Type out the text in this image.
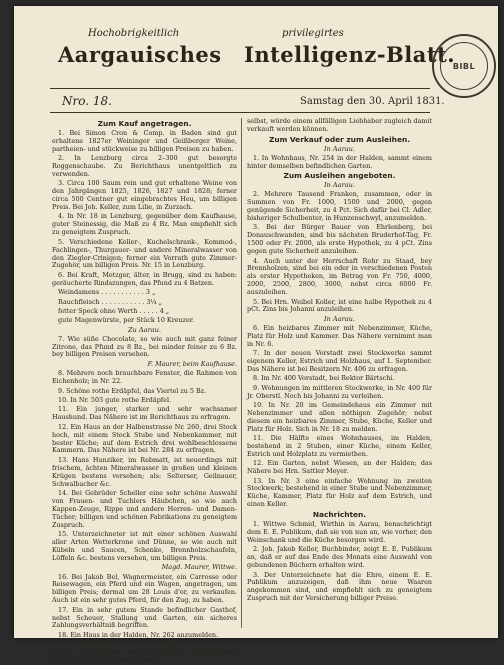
Hochobrigkeitlich	privilegirtes
Aargauisches Intelligenz-Blatt.
Nro. 18.	Samstag den 30. April 1831.
BIBL
Zum Kauf angetragen.
1. Bei Simon Cron & Comp. in Baden sind gut erhaltene 1827er Weininger und Geißberger Weine, partheien- und stückweise zu billigen Preisen zu haben.
2. In Lenzburg circa 2–300 gut besorgte Roggenschaube. Zu Berichthaus unentgeltlich zu verwenden.
3. Circa 100 Saum rein und gut erhaltene Weine von den Jahrgängen 1825, 1826, 1827 und 1828; ferner circa 500 Centner gut eingebrachtes Heu, um billigen Preis. Bei Joh. Keller, zum Lilie, in Zurzach.
4. In Nr. 18 in Lenzburg, gegenüber dem Kaufhause, guter Steinessig, die Maß zu 4 Bz. Man empfiehlt sich zu geneigtem Zuspruch.
5. Verschiedene Keller-, Kuchelschrank-, Kommod-, Fachlingen-, Thurgauer- und andere Mineralwasser von den Ziegler-Crinigen; ferner ein Vorrath gute Zimmer-Zugehör, um billigen Preis. Nr. 15 in Lenzburg.
6. Bei Kraft, Metzger, älter, in Brugg, sind zu haben: geräucherte Rindszungen, das Pfund zu 4 Batzen.
Weindamens . . . . . . . . . . . 3 „
Rauchfleisch . . . . . . . . . . . 3¼ „
fetter Speck ohne Werth . . . . . 4 „
gute Magenwürste, per Stück 10 Kreuzer.
Zu Aarau.
7. Wie süße Chocolate, so wie auch mit ganz feiner Zitrone, das Pfund zu 8 Bz., bei minder feiner zu 6 Bz. bey billigen Preisen versehen.
F. Maurer, beim Kaufhause.
8. Mehrere noch brauchbare Fenster, die Rahmen von Eichenholz; in Nr. 22.
9. Schöne rothe Erdäpfel, das Viertel zu 5 Bz.
10. In Nr. 503 gute rothe Erdäpfel.
11. Ein junger, starker und sehr wachsamer Haushund. Das Nähere ist im Berichthaus zu erfragen.
12. Ein Haus an der Halbenstrasse Nr. 260, drei Stock hoch, mit einem Stock Stube und Nebenkammer, mit bester Küche; auf dem Estrich drei wohlbeschlossene Kammern. Das Nähere ist bei Nr. 284 zu erfragen.
13. Hans Hunziker, im Rebmatt, ist neuerdings mit frischem, ächten Mineralwasser in großen und kleinen Krügen bestens versehen; als: Selterser, Geilnauer, Schwalbacher &c.
14. Bei Gebrüder Scheller eine sehr schöne Auswahl von Frauen- und Tuchlers Häubchen, so wie auch Kappen-Zeuge, Rippe und andere Herren- und Damen-Tücher; billigen und schönen Fabrikations zu geneigtem Zuspruch.
15. Unterzeichneter ist mit einer schönen Auswahl aller Arten Wetterkrone und Dünne, so wie auch mit Kübeln und Saucen, Schenke, Brennholzschaufeln, Löffeln &c. bestens versehen, um billigen Preis.
Magd. Maurer, Wittwe.
16. Bei Jakob Bel, Wagnermeister, ein Carrosse oder Reisewagen, ein Pferd und ein Wagen, angetragen, um billigen Preis; dermal um 28 Louis d'or, zu verkaufen. Auch ist ein sehr gutes Pferd, für den Zug, zu haben.
17. Ein in sehr gutem Stande befindlicher Gasthof, nebst Scheuer, Stallung und Garten, ein sicheres Zahlungsverhältniß begriffen.
18. Ein Haus in der Halden, Nr. 262 anzumelden.
19. Bey Rohner Fischer, in Brugg, sind zu haben: einige Getreidsäcke, eine Ausstellung von Speisen, Milch u. dgl. zu billigen Preisen.
selbst, würde einem allfälligen Liebhaber zugleich damit verkauft werden können.
Zum Verkauf oder zum Ausleihen.
In Aarau.
1. In Wohnhaus, Nr. 254 in der Halden, sammt einem hinter demselben befindlichen Garten.
Zum Ausleihen angeboten.
In Aarau.
2. Mehrere Tausend Franken, zusammen, oder in Summen von Fr. 1000, 1500 und 2000, gegen genügende Sicherheit, zu 4 Pct. Sich dafür bei Cl. Adler, bisheriger Schulbenter, in Hunzenschwyl, anzumelden.
3. Bei der Bürger Bauer von Ehrlenberg, bei Donauschwanden, sind bis nächsten Bruderhof-Tag, Fr. 1500 oder Fr. 2000, als erste Hypothek, zu 4 pCt. Zins gegen gute Sicherheit anzuleihen.
4. Auch unter der Herrschaft Rohr zu Staad, bey Brennholzen, sind bei ein oder in verschiedenen Posten als erster Hypotheken, im Betrag von Fr. 750, 4000, 2000, 2500, 2800, 3000, nebst circa 6000 Fr. auszuleihen.
5. Bei Hrn. Weibel Koller, ist eine halbe Hypothek zu 4 pCt. Zins bis Johanni anzuleihen.
In Aarau.
6. Ein heizbares Zimmer mit Nebenzimmer, Küche, Platz für Holz und Kammer. Das Nähere vernimmt man in Nr. 6.
7. In der neuen Vorstadt zwei Stockwerke sammt eigenem Keller, Estrich und Holzhaus, auf 1. September. Das Nähere ist bei Besitzern Nr. 406 zu erfragen.
8. Im Nr. 400 Vorstadt, bei Rektor Bärtschi.
9. Wohnungen im mittleren Stockwerke, in Nr. 400 für Jr. Oberstl. Noch bis Johanni zu verleihen.
10. In Nr. 20 im Gemeindehaus ein Zimmer mit Nebenzimmer und allen nöthigen Zugehör; nebst diesem ein heizbares Zimmer, Stube, Küche, Keller und Platz für Holz. Sich in Nr. 18 zu melden.
11. Die Hälfte eines Wohnhauses, im Halden, bestehend in 2 Stuben, einer Küche, einem Keller, Estrich und Holzplatz zu vermiethen.
12. Ein Garten, nebst Wiesen, an der Halden; das Nähere bei Hrn. Sattler Meyer.
13. In Nr. 3 eine einfache Wohnung im zweiten Stockwerk; bestehend in einer Stube und Nebenzimmer, Küche, Kammer, Platz für Holz auf dem Estrich, und einen Keller.
Nachrichten.
1. Wittwe Schmid, Wirthin in Aarau, benachrichtigt dem E. E. Publikum, daß sie von nun an, wie vorher, den Weinschank und die Küche besorgen wird.
2. Joh. Jakob Keller, Buchbinder, zeigt E. E. Publikum an, daß er auf das Ende des Monats eine Auswahl von gebundenen Büchern erhalten wird.
3. Der Unterzeichnete hat die Ehre, einem E. E. Publikum anzuzeigen, daß ihm neue Waaren angekommen sind, und empfiehlt sich zu geneigtem Zuspruch mit der Versicherung billiger Preise.
